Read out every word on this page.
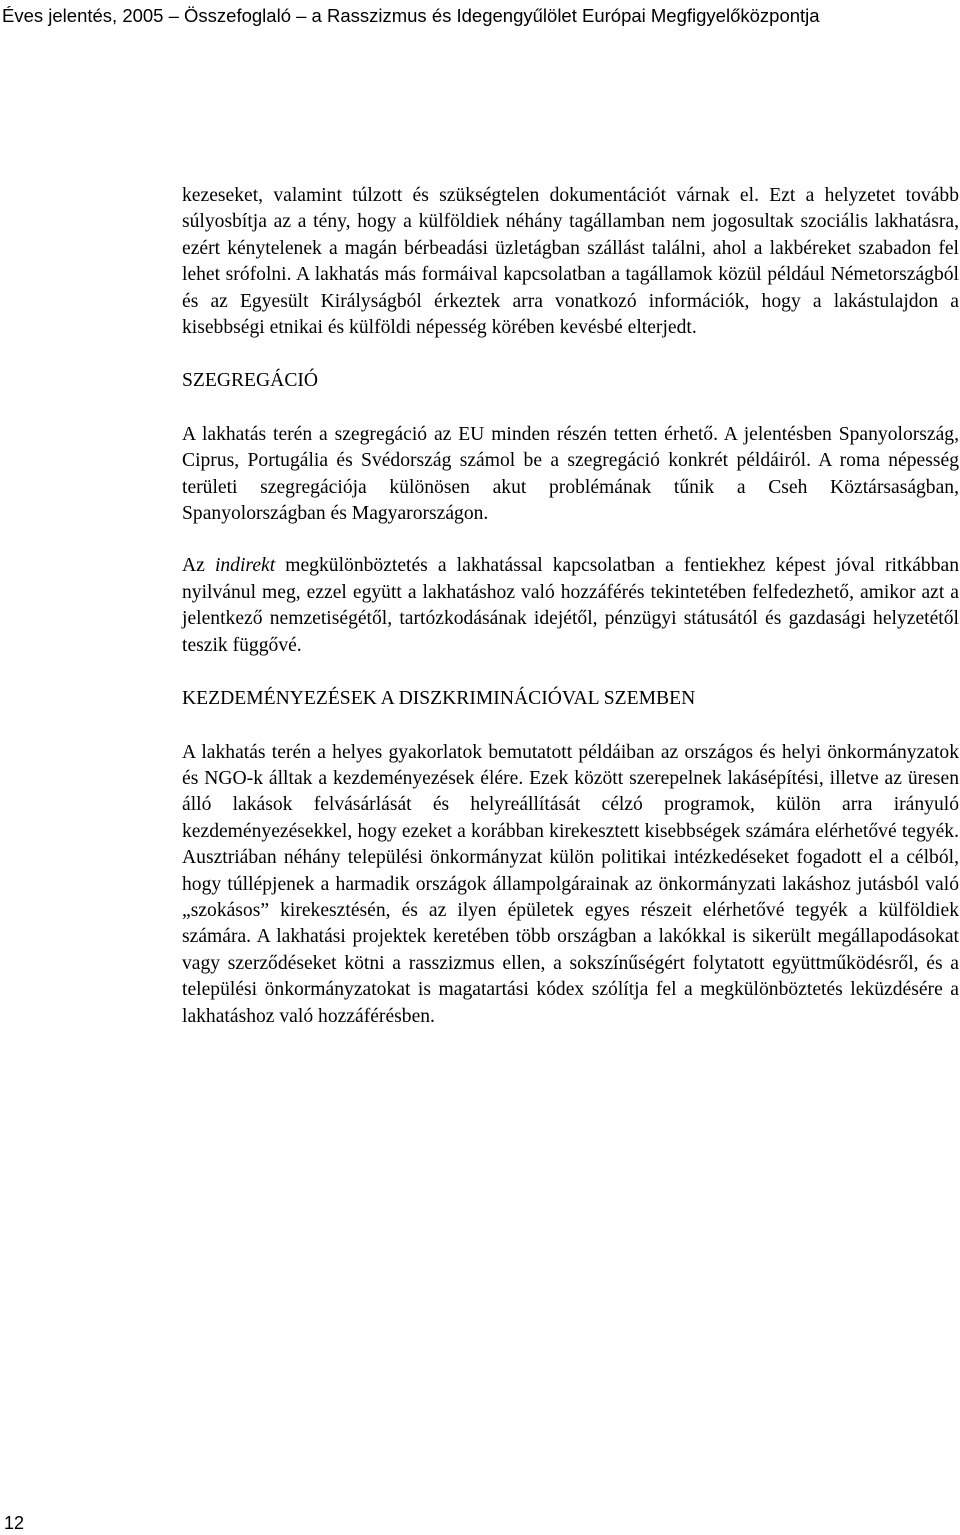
Éves jelentés, 2005 – Összefoglaló – a Rasszizmus és Idegengyűlölet Európai Megfigyelőközpontja

kezeseket, valamint túlzott és szükségtelen dokumentációt várnak el. Ezt a helyzetet tovább súlyosbítja az a tény, hogy a külföldiek néhány tagállamban nem jogosultak szociális lakhatásra, ezért kénytelenek a magán bérbeadási üzletágban szállást találni, ahol a lakbéreket szabadon fel lehet srófolni. A lakhatás más formáival kapcsolatban a tagállamok közül például Németországból és az Egyesült Királyságból érkeztek arra vonatkozó információk, hogy a lakástulajdon a kisebbségi etnikai és külföldi népesség körében kevésbé elterjedt.

SZEGREGÁCIÓ

A lakhatás terén a szegregáció az EU minden részén tetten érhető. A jelentésben Spanyolország, Ciprus, Portugália és Svédország számol be a szegregáció konkrét példáiról. A roma népesség területi szegregációja különösen akut problémának tűnik a Cseh Köztársaságban, Spanyolországban és Magyarországon.

Az indirekt megkülönböztetés a lakhatással kapcsolatban a fentiekhez képest jóval ritkábban nyilvánul meg, ezzel együtt a lakhatáshoz való hozzáférés tekintetében felfedezhető, amikor azt a jelentkező nemzetiségétől, tartózkodásának idejétől, pénzügyi státusától és gazdasági helyzetétől teszik függővé.

KEZDEMÉNYEZÉSEK A DISZKRIMINÁCIÓVAL SZEMBEN

A lakhatás terén a helyes gyakorlatok bemutatott példáiban az országos és helyi önkormányzatok és NGO-k álltak a kezdeményezések élére. Ezek között szerepelnek lakásépítési, illetve az üresen álló lakások felvásárlását és helyreállítását célzó programok, külön arra irányuló kezdeményezésekkel, hogy ezeket a korábban kirekesztett kisebbségek számára elérhetővé tegyék. Ausztriában néhány települési önkormányzat külön politikai intézkedéseket fogadott el a célból, hogy túllépjenek a harmadik országok állampolgárainak az önkormányzati lakáshoz jutásból való „szokásos” kirekesztésén, és az ilyen épületek egyes részeit elérhetővé tegyék a külföldiek számára. A lakhatási projektek keretében több országban a lakókkal is sikerült megállapodásokat vagy szerződéseket kötni a rasszizmus ellen, a sokszínűségért folytatott együttműködésről, és a települési önkormányzatokat is magatartási kódex szólítja fel a megkülönböztetés leküzdésére a lakhatáshoz való hozzáférésben.

12
